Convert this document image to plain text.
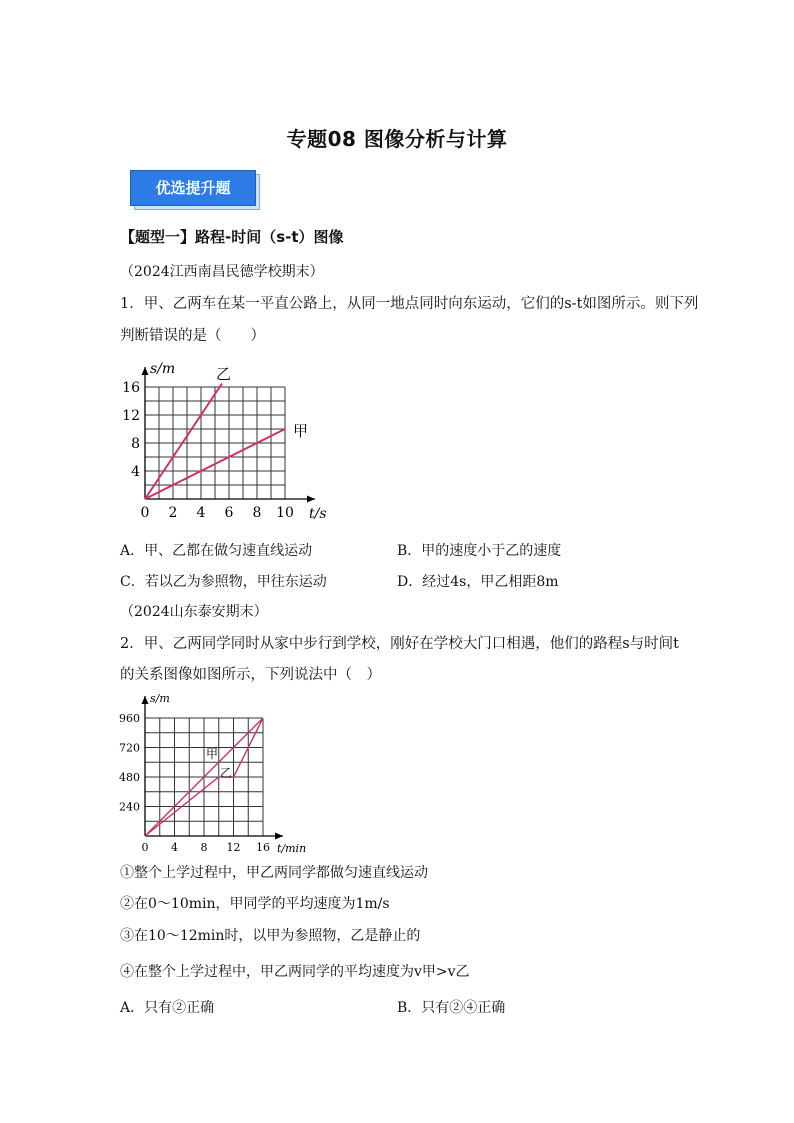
专题08 图像分析与计算
优选提升题
【题型一】路程-时间（s-t）图像
（2024江西南昌民德学校期末）
1．甲、乙两车在某一平直公路上，从同一地点同时向东运动，它们的s-t如图所示。则下列
判断错误的是（　　）
0 2 4 6 8 10
4
8
12
16
t/s
s/m	乙
甲
A．甲、乙都在做匀速直线运动	B．甲的速度小于乙的速度
C．若以乙为参照物，甲往东运动	D．经过4s，甲乙相距8m
（2024山东泰安期末）
2．甲、乙两同学同时从家中步行到学校，刚好在学校大门口相遇，他们的路程s与时间t
的关系图像如图所示，下列说法中（　）
0 4 8 12 16
240
480
720
960
t/min
s/m
甲
乙
①整个上学过程中，甲乙两同学都做匀速直线运动
②在0～10min，甲同学的平均速度为1m/s
③在10～12min时，以甲为参照物，乙是静止的
④在整个上学过程中，甲乙两同学的平均速度为v甲>v乙
A．只有②正确	B．只有②④正确
